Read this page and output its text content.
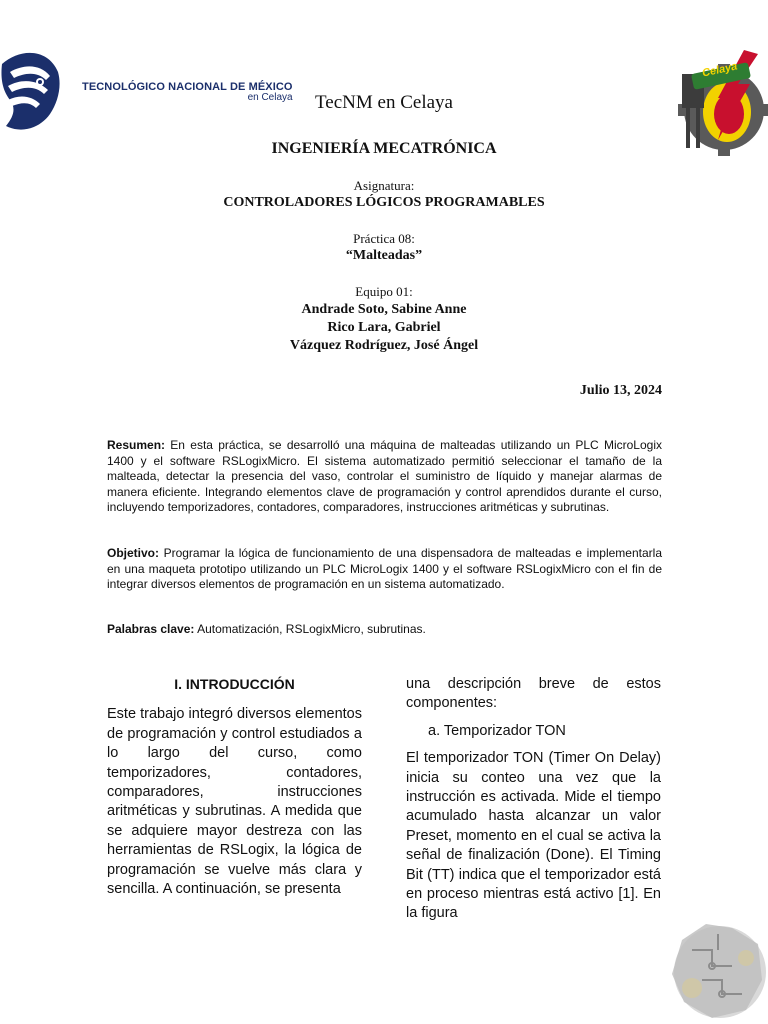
TECNOLÓGICO NACIONAL DE MÉXICO
en Celaya
Celaya
TecNM en Celaya
INGENIERÍA MECATRÓNICA
Asignatura:
CONTROLADORES LÓGICOS PROGRAMABLES
Práctica 08:
“Malteadas”
Equipo 01:
Andrade Soto, Sabine Anne
Rico Lara, Gabriel
Vázquez Rodríguez, José Ángel
Julio 13, 2024
Resumen: En esta práctica, se desarrolló una máquina de malteadas utilizando un PLC MicroLogix 1400 y el software RSLogixMicro. El sistema automatizado permitió seleccionar el tamaño de la malteada, detectar la presencia del vaso, controlar el suministro de líquido y manejar alarmas de manera eficiente. Integrando elementos clave de programación y control aprendidos durante el curso, incluyendo temporizadores, contadores, comparadores, instrucciones aritméticas y subrutinas.
Objetivo: Programar la lógica de funcionamiento de una dispensadora de malteadas e implementarla en una maqueta prototipo utilizando un PLC MicroLogix 1400 y el software RSLogixMicro con el fin de integrar diversos elementos de programación en un sistema automatizado.
Palabras clave: Automatización, RSLogixMicro, subrutinas.

I. INTRODUCCIÓN

Este trabajo integró diversos elementos de programación y control estudiados a lo largo del curso, como temporizadores, contadores, comparadores, instrucciones aritméticas y subrutinas. A medida que se adquiere mayor destreza con las herramientas de RSLogix, la lógica de programación se vuelve más clara y sencilla. A continuación, se presenta

una descripción breve de estos componentes:

a. Temporizador TON

El temporizador TON (Timer On Delay) inicia su conteo una vez que la instrucción es activada. Mide el tiempo acumulado hasta alcanzar un valor Preset, momento en el cual se activa la señal de finalización (Done). El Timing Bit (TT) indica que el temporizador está en proceso mientras está activo [1]. En la figura
